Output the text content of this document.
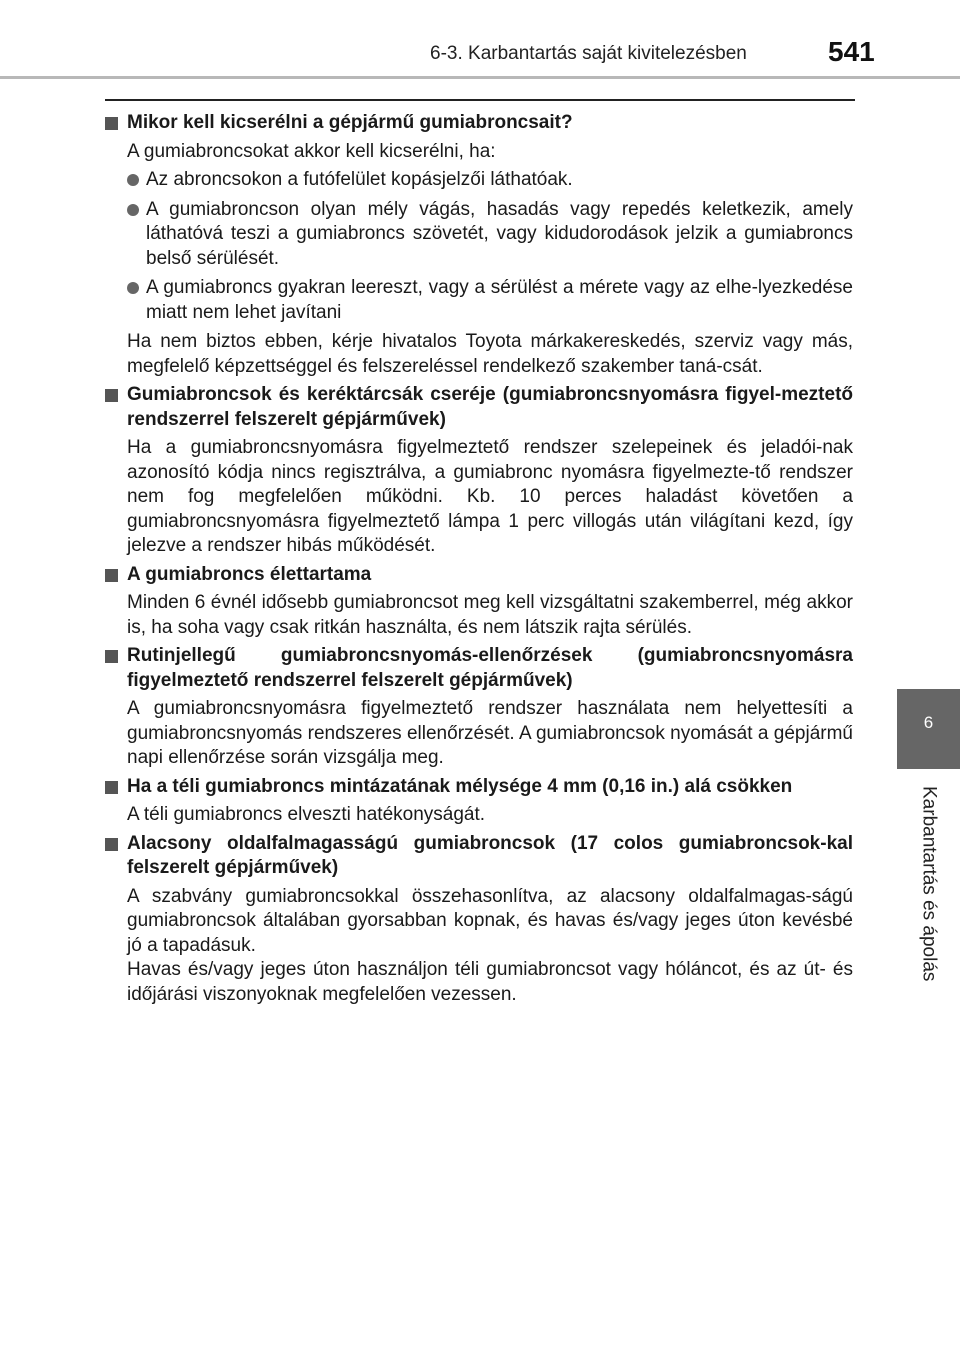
6-3. Karbantartás saját kivitelezésben	541
6
Karbantartás és ápolás
Mikor kell kicserélni a gépjármű gumiabroncsait?
A gumiabroncsokat akkor kell kicserélni, ha:
Az abroncsokon a futófelület kopásjelzői láthatóak.
A gumiabroncson olyan mély vágás, hasadás vagy repedés keletkezik, amely láthatóvá teszi a gumiabroncs szövetét, vagy kidudorodások jelzik a gumiabroncs belső sérülését.
A gumiabroncs gyakran leereszt, vagy a sérülést a mérete vagy az elhe-lyezkedése miatt nem lehet javítani
Ha nem biztos ebben, kérje hivatalos Toyota márkakereskedés, szerviz vagy más, megfelelő képzettséggel és felszereléssel rendelkező szakember taná-csát.
Gumiabroncsok és keréktárcsák cseréje (gumiabroncsnyomásra figyel-meztető rendszerrel felszerelt gépjárművek)
Ha a gumiabroncsnyomásra figyelmeztető rendszer szelepeinek és jeladói-nak azonosító kódja nincs regisztrálva, a gumiabronc nyomásra figyelmezte-tő rendszer nem fog megfelelően működni. Kb. 10 perces haladást követően a gumiabroncsnyomásra figyelmeztető lámpa 1 perc villogás után világítani kezd, így jelezve a rendszer hibás működését.
A gumiabroncs élettartama
Minden 6 évnél idősebb gumiabroncsot meg kell vizsgáltatni szakemberrel, még akkor is, ha soha vagy csak ritkán használta, és nem látszik rajta sérülés.
Rutinjellegű gumiabroncsnyomás-ellenőrzések (gumiabroncsnyomásra figyelmeztető rendszerrel felszerelt gépjárművek)
A gumiabroncsnyomásra figyelmeztető rendszer használata nem helyettesíti a gumiabroncsnyomás rendszeres ellenőrzését. A gumiabroncsok nyomását a gépjármű napi ellenőrzése során vizsgálja meg.
Ha a téli gumiabroncs mintázatának mélysége 4 mm (0,16 in.) alá csökken
A téli gumiabroncs elveszti hatékonyságát.
Alacsony oldalfalmagasságú gumiabroncsok (17 colos gumiabroncsok-kal felszerelt gépjárművek)
A szabvány gumiabroncsokkal összehasonlítva, az alacsony oldalfalmagas-ságú gumiabroncsok általában gyorsabban kopnak, és havas és/vagy jeges úton kevésbé jó a tapadásuk.
Havas és/vagy jeges úton használjon téli gumiabroncsot vagy hóláncot, és az út- és időjárási viszonyoknak megfelelően vezessen.
